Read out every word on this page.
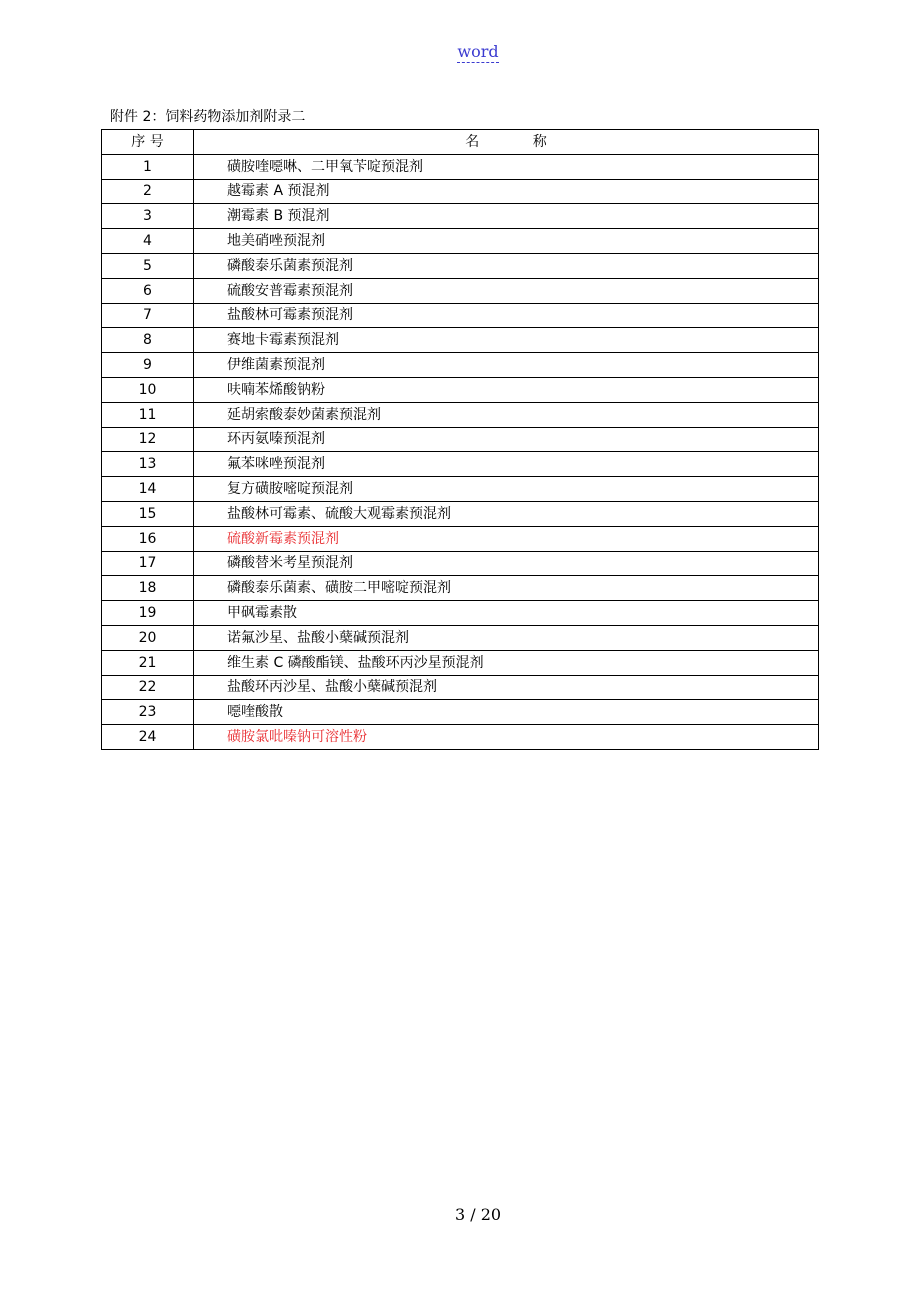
word
附件 2：饲料药物添加剂附录二
序 号	名            称
1	磺胺喹噁啉、二甲氧苄啶预混剂
2	越霉素 A 预混剂
3	潮霉素 B 预混剂
4	地美硝唑预混剂
5	磷酸泰乐菌素预混剂
6	硫酸安普霉素预混剂
7	盐酸林可霉素预混剂
8	赛地卡霉素预混剂
9	伊维菌素预混剂
10	呋喃苯烯酸钠粉
11	延胡索酸泰妙菌素预混剂
12	环丙氨嗪预混剂
13	氟苯咪唑预混剂
14	复方磺胺嘧啶预混剂
15	盐酸林可霉素、硫酸大观霉素预混剂
16	硫酸新霉素预混剂
17	磷酸替米考星预混剂
18	磷酸泰乐菌素、磺胺二甲嘧啶预混剂
19	甲砜霉素散
20	诺氟沙星、盐酸小蘖碱预混剂
21	维生素 C 磷酸酯镁、盐酸环丙沙星预混剂
22	盐酸环丙沙星、盐酸小蘖碱预混剂
23	噁喹酸散
24	磺胺氯吡嗪钠可溶性粉
3 / 20
